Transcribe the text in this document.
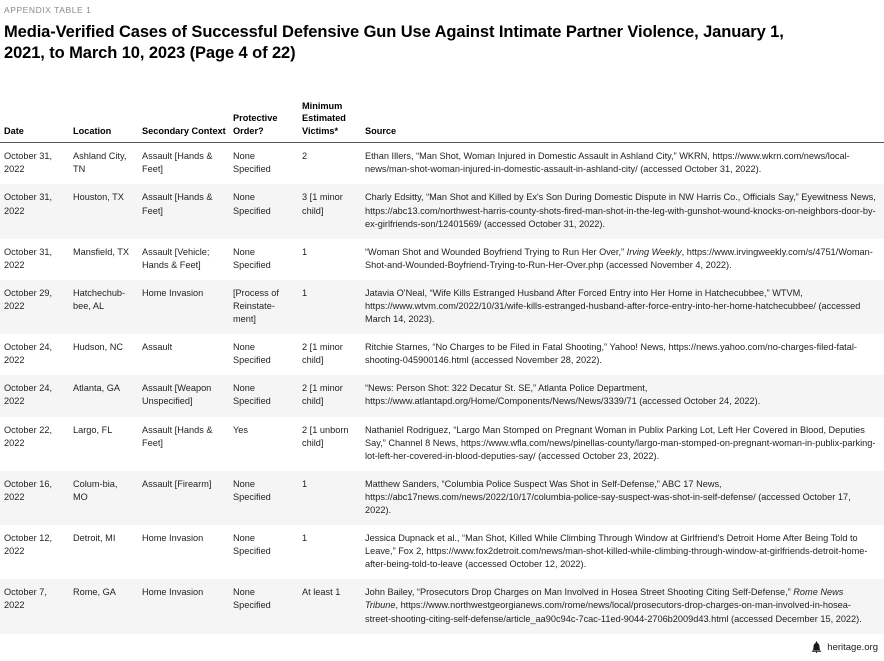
APPENDIX TABLE 1
Media-Verified Cases of Successful Defensive Gun Use Against Intimate Partner Violence, January 1, 2021, to March 10, 2023 (Page 4 of 22)
Date	Location	Secondary Context	Protective Order?	Minimum Estimated Victims*	Source
October 31, 2022	Ashland City, TN	Assault [Hands & Feet]	None Specified	2	Ethan Illers, “Man Shot, Woman Injured in Domestic Assault in Ashland City,” WKRN, https://www.wkrn.com/news/local-news/man-shot-woman-injured-in-domestic-assault-in-ashland-city/ (accessed October 31, 2022).
October 31, 2022	Houston, TX	Assault [Hands & Feet]	None Specified	3 [1 minor child]	Charly Edsitty, “Man Shot and Killed by Ex's Son During Domestic Dispute in NW Harris Co., Officials Say,” Eyewitness News, https://abc13.com/northwest-harris-county-shots-fired-man-shot-in-the-leg-with-gunshot-wound-knocks-on-neighbors-door-by-ex-girlfriends-son/12401569/ (accessed October 31, 2022).
October 31, 2022	Mansfield, TX	Assault [Vehicle; Hands & Feet]	None Specified	1	“Woman Shot and Wounded Boyfriend Trying to Run Her Over,” Irving Weekly, https://www.irvingweekly.com/s/4751/Woman-Shot-and-Wounded-Boyfriend-Trying-to-Run-Her-Over.php (accessed November 4, 2022).
October 29, 2022	Hatchechub-bee, AL	Home Invasion	[Process of Reinstate-ment]	1	Jatavia O'Neal, “Wife Kills Estranged Husband After Forced Entry into Her Home in Hatchecubbee,” WTVM, https://www.wtvm.com/2022/10/31/wife-kills-estranged-husband-after-force-entry-into-her-home-hatchecubbee/ (accessed March 14, 2023).
October 24, 2022	Hudson, NC	Assault	None Specified	2 [1 minor child]	Ritchie Starnes, “No Charges to be Filed in Fatal Shooting,” Yahoo! News, https://news.yahoo.com/no-charges-filed-fatal-shooting-045900146.html (accessed November 28, 2022).
October 24, 2022	Atlanta, GA	Assault [Weapon Unspecified]	None Specified	2 [1 minor child]	“News: Person Shot: 322 Decatur St. SE,” Atlanta Police Department, https://www.atlantapd.org/Home/Components/News/News/3339/71 (accessed October 24, 2022).
October 22, 2022	Largo, FL	Assault [Hands & Feet]	Yes	2 [1 unborn child]	Nathaniel Rodriguez, “Largo Man Stomped on Pregnant Woman in Publix Parking Lot, Left Her Covered in Blood, Deputies Say,” Channel 8 News, https://www.wfla.com/news/pinellas-county/largo-man-stomped-on-pregnant-woman-in-publix-parking-lot-left-her-covered-in-blood-deputies-say/ (accessed October 23, 2022).
October 16, 2022	Colum-bia, MO	Assault [Firearm]	None Specified	1	Matthew Sanders, “Columbia Police Suspect Was Shot in Self-Defense,” ABC 17 News, https://abc17news.com/news/2022/10/17/columbia-police-say-suspect-was-shot-in-self-defense/ (accessed October 17, 2022).
October 12, 2022	Detroit, MI	Home Invasion	None Specified	1	Jessica Dupnack et al., “Man Shot, Killed While Climbing Through Window at Girlfriend's Detroit Home After Being Told to Leave,” Fox 2, https://www.fox2detroit.com/news/man-shot-killed-while-climbing-through-window-at-girlfriends-detroit-home-after-being-told-to-leave (accessed October 12, 2022).
October 7, 2022	Rome, GA	Home Invasion	None Specified	At least 1	John Bailey, “Prosecutors Drop Charges on Man Involved in Hosea Street Shooting Citing Self-Defense,” Rome News Tribune, https://www.northwestgeorgianews.com/rome/news/local/prosecutors-drop-charges-on-man-involved-in-hosea-street-shooting-citing-self-defense/article_aa90c94c-7cac-11ed-9044-2706b2009d43.html (accessed December 15, 2022).
heritage.org
